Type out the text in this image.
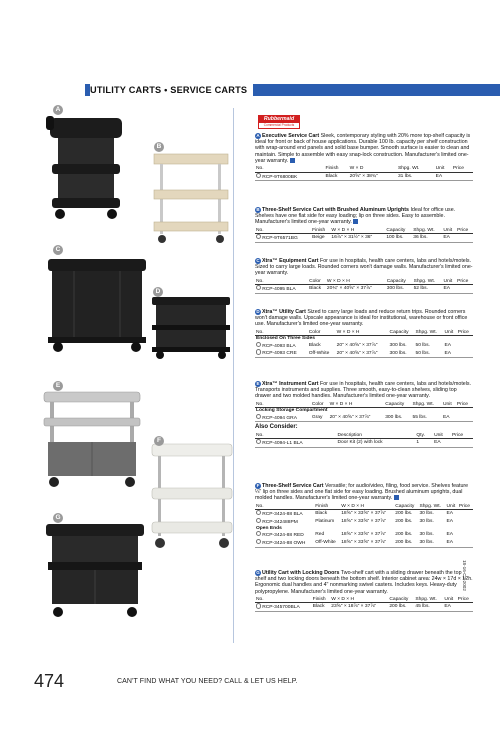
UTILITY CARTS • SERVICE CARTS
A
B
C
D
E
F
G
Rubbermaid
Commercial Products

A Executive Service Cart Sleek, contemporary styling with 20% more top-shelf capacity is ideal for front or back of house applications. Durable 100 lb. capacity per shelf construction with wrap-around end panels and solid base bumper. Smooth surface is easier to clean and maintain. Simple to assemble with easy snap-lock construction. Manufacturer's limited one-year warranty.

No.	Finish	W × D	Shpg. Wt.	Unit	Price
RCP-9T6800BK	Black	20⅝" × 38¾"	31 lbs.	EA	

B Three-Shelf Service Cart with Brushed Aluminum Uprights Ideal for office use. Shelves have one flat side for easy loading; lip on three sides. Easy to assemble. Manufacturer's limited one-year warranty.

No.	Finish	W × D × H	Capacity	Shpg. Wt.	Unit	Price
RCP-9T6571BG	Beige	16⅞" × 31½" × 36"	100 lbs.	36 lbs.	EA	

C Xtra™ Equipment Cart For use in hospitals, health care centers, labs and hotels/motels. Sized to carry large loads. Rounded corners won't damage walls. Manufacturer's limited one-year warranty.

No.	Color	W × D × H	Capacity	Shpg. Wt.	Unit	Price
RCP-4095 BLA	Black	20¾" × 40⅝" × 37⅞"	300 lbs.	52 lbs.	EA	

D Xtra™ Utility Cart Sized to carry large loads and reduce return trips. Rounded corners won't damage walls. Upscale appearance is ideal for institutional, warehouse or front office use. Manufacturer's limited one-year warranty.

No.	Color	W × D × H	Capacity	Shpg. Wt.	Unit	Price
Enclosed On Three Sides						
RCP-4093 BLA	Black	20" × 40⅝" × 37⅞"	300 lbs.	50 lbs.	EA	
RCP-4093 CRE	Off-White	20" × 40⅝" × 37⅞"	300 lbs.	50 lbs.	EA	

E Xtra™ Instrument Cart For use in hospitals, health care centers, labs and hotels/motels. Transports instruments and supplies. Three smooth, easy-to-clean shelves, sliding top drawer and two molded handles. Manufacturer's limited one-year warranty.

No.	Color	W × D × H	Capacity	Shpg. Wt.	Unit	Price
Locking Storage Compartment						
RCP-4094 GRA	Gray	20" × 40⅝" × 37⅞"	300 lbs.	55 lbs.	EA	
Also Consider:
No.	Description	Qty.	Unit	Price
RCP-4094-L1 BLA	Door Kit (2) with lock	1	EA	

F Three-Shelf Service Cart Versatile; for audio/video, filing, food service. Shelves feature ¼" lip on three sides and one flat side for easy loading. Brushed aluminum uprights, dual molded handles. Manufacturer's limited one-year warranty.

No.	Finish	W × D × H	Capacity	Shpg. Wt.	Unit	Price
RCP-3424-88 BLA	Black	18⅝" × 33⅝" × 37⅞"	200 lbs.	30 lbs.	EA	
RCP-342488PM	Platinum	18⅝" × 33⅝" × 37⅞"	200 lbs.	30 lbs.	EA	
Open Ends						
RCP-3424-88 RED	Red	18⅝" × 33⅝" × 37⅞"	200 lbs.	30 lbs.	EA	
RCP-3424-88 OWH	Off-White	18⅝" × 33⅝" × 37⅞"	200 lbs.	30 lbs.	EA	

G Utility Cart with Locking Doors Two-shelf cart with a sliding drawer beneath the top shelf and two locking doors beneath the bottom shelf. Interior cabinet area: 24w × 17d × 12h. Ergonomic dual handles and 4" nonmarking swivel casters. Includes keys. Heavy-duty polypropylene. Manufacturer's limited one-year warranty.

No.	Finish	W × D × H	Capacity	Shpg. Wt.	Unit	Price
RCP-345700BLA	Black	23⅝" × 18⅞" × 37⅞"	200 lbs.	45 lbs.	EA	
18-16-C2-2002
474	CAN'T FIND WHAT YOU NEED? CALL & LET US HELP.
